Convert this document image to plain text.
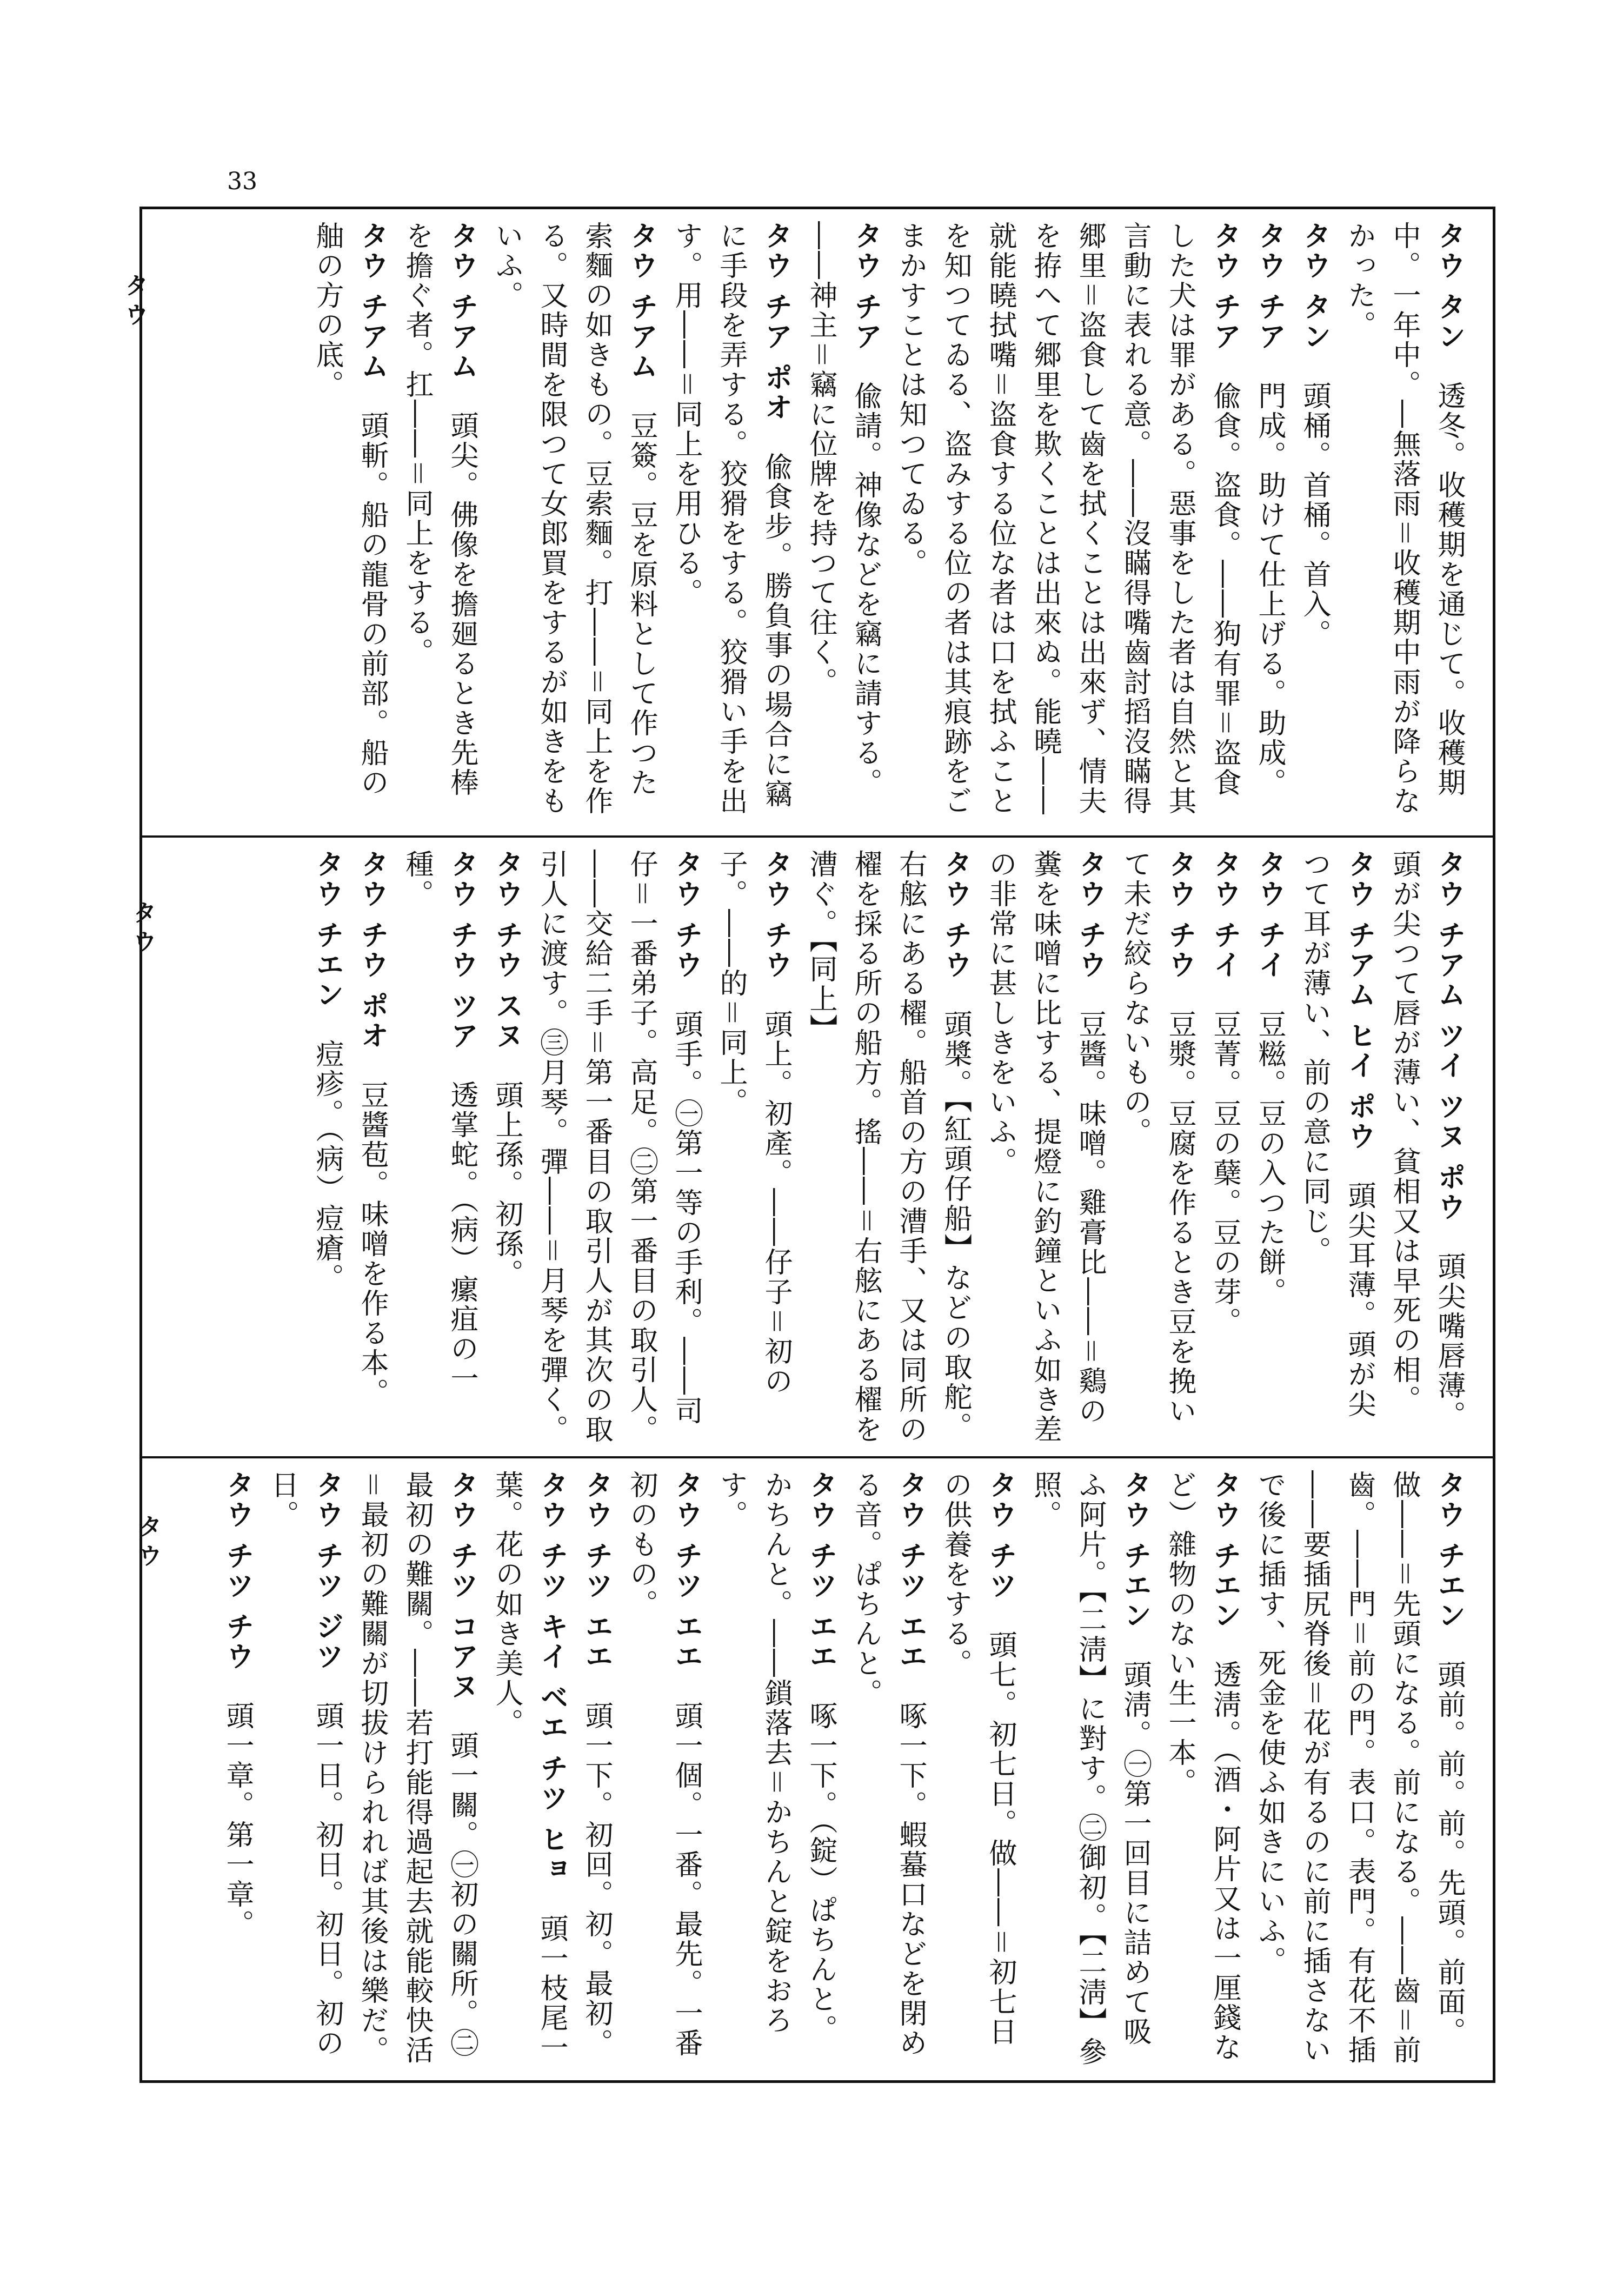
33
タウ
タウ
タウ

タウ タン　透冬。收穫期を通じて。收穫期中。一年中。―無落雨＝收穫期中雨が降らなかった。

タウ タン　頭桶。首桶。首入。

タウ チア　門成。助けて仕上げる。助成。

タウ チア　偸食。盗食。――狗有罪＝盗食した犬は罪がある。惡事をした者は自然と其言動に表れる意。――沒瞞得嘴齒討搯沒瞞得郷里＝盗食して齒を拭くことは出來ず、情夫を拵へて郷里を欺くことは出來ぬ。能曉――就能曉拭嘴＝盗食する位な者は口を拭ふことを知つてゐる、盗みする位の者は其痕跡をごまかすことは知つてゐる。

タウ チア　偸請。神像などを竊に請する。――神主＝竊に位牌を持つて往く。

タウ チア ポオ　偸食步。勝負事の場合に竊に手段を弄する。狡猾をする。狡猾い手を出す。用――＝同上を用ひる。

タウ チアム　豆簽。豆を原料として作つた索麵の如きもの。豆索麵。打――＝同上を作る。又時間を限つて女郎買をするが如きをもいふ。

タウ チアム　頭尖。佛像を擔廻るとき先棒を擔ぐ者。扛――＝同上をする。

タウ チアム　頭斬。船の龍骨の前部。船の舳の方の底。

タウ チアム ツイ ツヌ ポウ　頭尖嘴唇薄。頭が尖つて唇が薄い、貧相又は早死の相。

タウ チアム ヒイ ポウ　頭尖耳薄。頭が尖つて耳が薄い、前の意に同じ。

タウ チイ　豆糍。豆の入つた餅。

タウ チイ　豆菁。豆の蘖。豆の芽。

タウ チウ　豆漿。豆腐を作るとき豆を挽いて未だ絞らないもの。

タウ チウ　豆醬。味噌。雞膏比――＝鷄の糞を味噌に比する、提燈に釣鐘といふ如き差の非常に甚しきをいふ。

タウ チウ　頭槳。【紅頭仔船】などの取舵。右舷にある櫂。船首の方の漕手、又は同所の櫂を採る所の船方。搖――＝右舷にある櫂を漕ぐ。【同上】

タウ チウ　頭上。初產。――仔子＝初の子。――的＝同上。

タウ チウ　頭手。㊀第一等の手利。――司仔＝一番弟子。高足。㊁第一番目の取引人。――交給二手＝第一番目の取引人が其次の取引人に渡す。㊂月琴。彈――＝月琴を彈く。

タウ チウ スヌ　頭上孫。初孫。

タウ チウ ツア　透掌蛇。（病）瘰疽の一種。

タウ チウ ポオ　豆醬苞。味噌を作る本。

タウ チエン　痘疹。（病）痘瘡。

タウ チエン　頭前。前。前。先頭。前面。做――＝先頭になる。前になる。――齒＝前齒。――門＝前の門。表口。表門。有花不插――要插尻脊後＝花が有るのに前に插さないで後に插す、死金を使ふ如きにいふ。

タウ チエン　透淸。（酒・阿片又は一厘錢など）雜物のない生一本。

タウ チエン　頭淸。㊀第一回目に詰めて吸ふ阿片。【二淸】に對す。㊁御初。【二淸】參照。

タウ チツ　頭七。初七日。做――＝初七日の供養をする。

タウ チツ エエ　啄一下。蝦蟇口などを閉める音。ぱちんと。

タウ チツ エエ　啄一下。（錠）ぱちんと。かちんと。――鎖落去＝かちんと錠をおろす。

タウ チツ エエ　頭一個。一番。最先。一番初のもの。

タウ チツ エエ　頭一下。初回。初。最初。

タウ チツ キイ ベエ チツ ヒョ　頭一枝尾一葉。花の如き美人。

タウ チツ コアヌ　頭一關。㊀初の關所。㊁最初の難關。――若打能得過起去就能較快活＝最初の難關が切拔けられれば其後は樂だ。

タウ チツ ジツ　頭一日。初日。初日。初の日。

タウ チツ チウ　頭一章。第一章。
